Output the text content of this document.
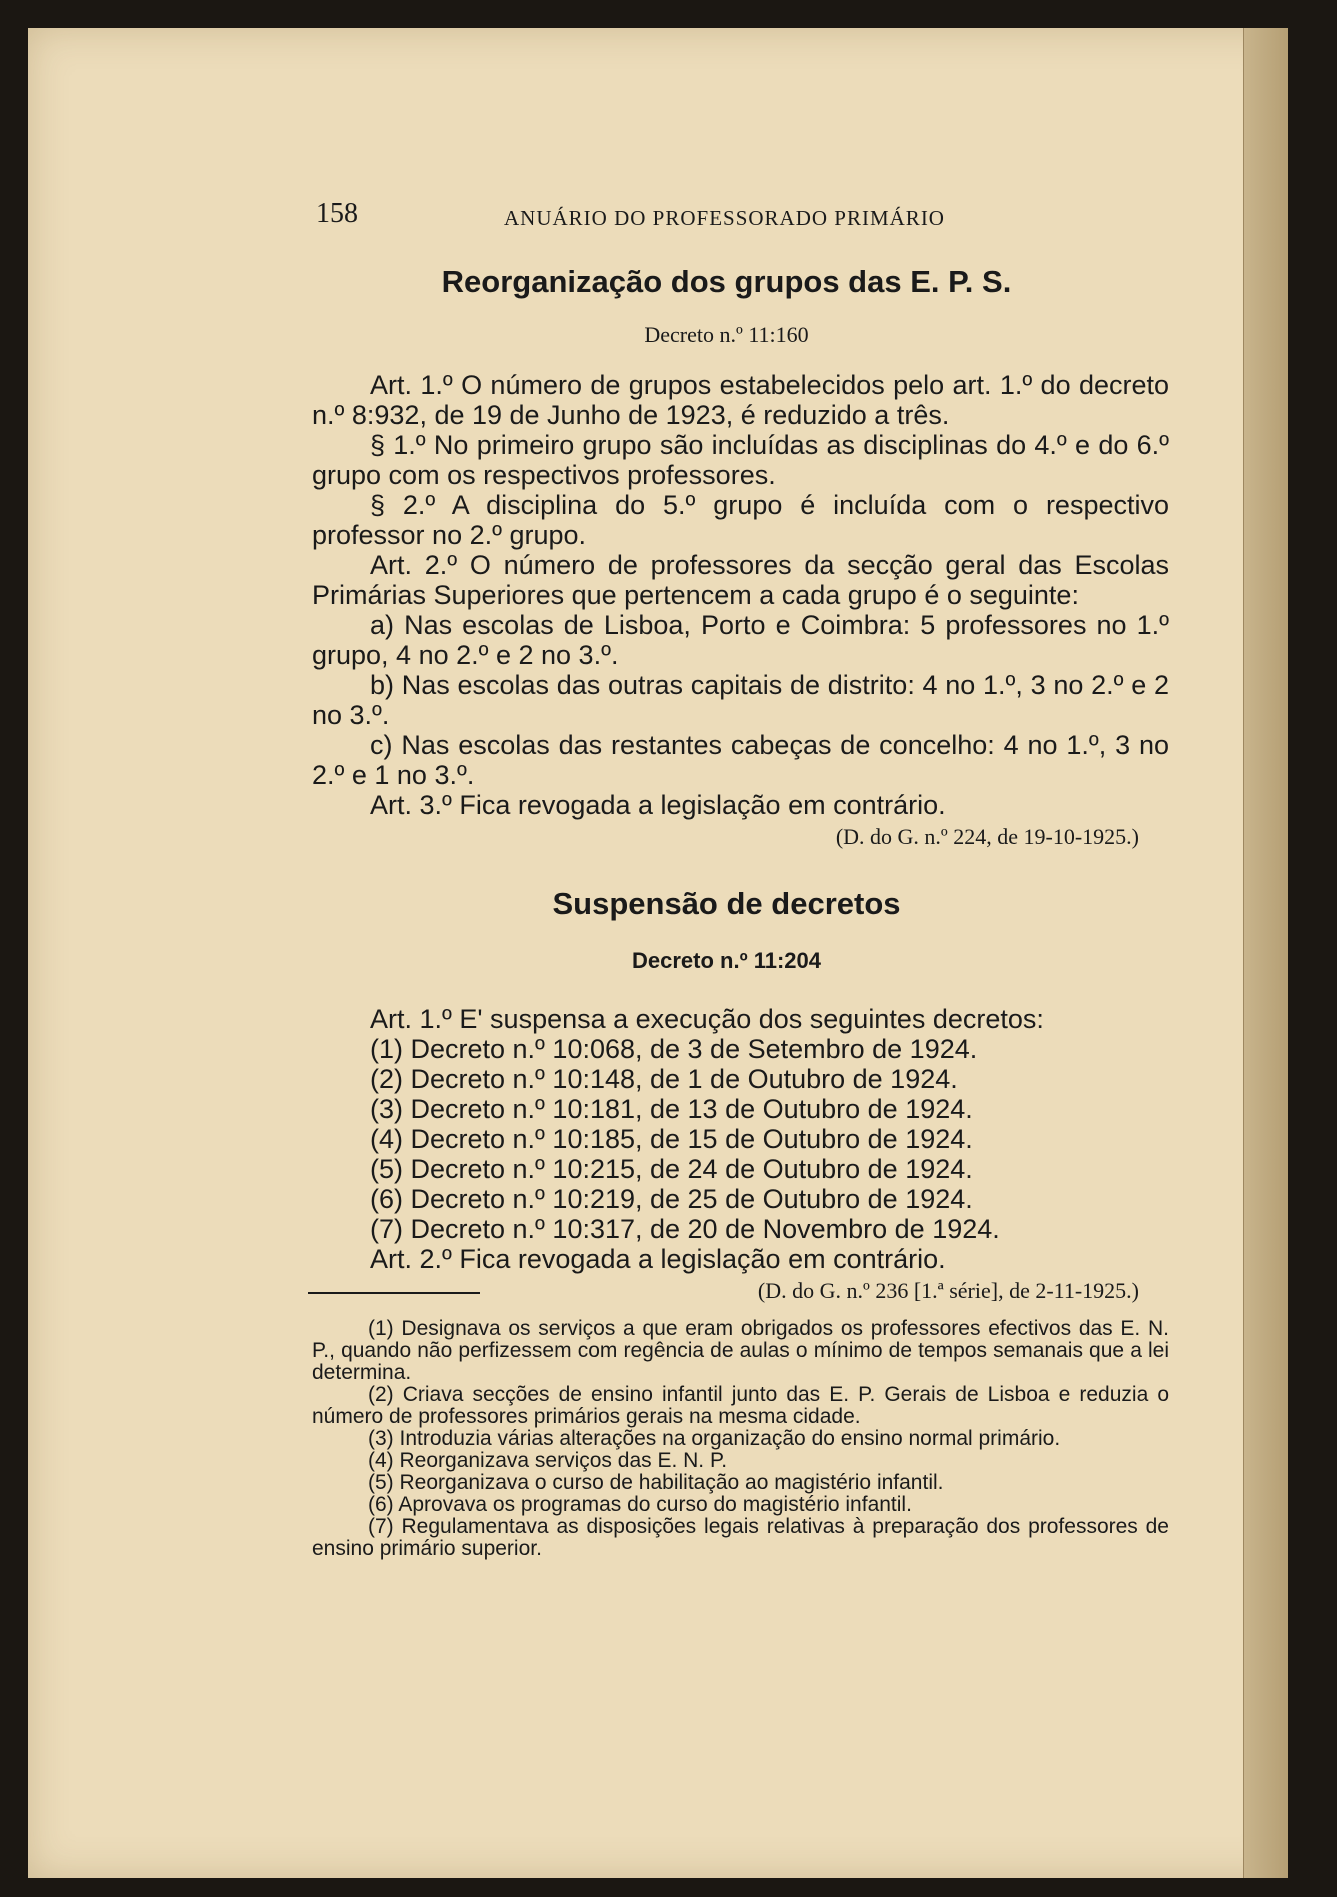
158	ANUÁRIO DO PROFESSORADO PRIMÁRIO
Reorganização dos grupos das E. P. S.

Decreto n.º 11:160

Art. 1.º O número de grupos estabelecidos pelo art. 1.º do decreto n.º 8:932, de 19 de Junho de 1923, é reduzido a três.

§ 1.º No primeiro grupo são incluídas as disciplinas do 4.º e do 6.º grupo com os respectivos professores.

§ 2.º A disciplina do 5.º grupo é incluída com o respectivo professor no 2.º grupo.

Art. 2.º O número de professores da secção geral das Escolas Primárias Superiores que pertencem a cada grupo é o seguinte:

a) Nas escolas de Lisboa, Porto e Coimbra: 5 professores no 1.º grupo, 4 no 2.º e 2 no 3.º.

b) Nas escolas das outras capitais de distrito: 4 no 1.º, 3 no 2.º e 2 no 3.º.

c) Nas escolas das restantes cabeças de concelho: 4 no 1.º, 3 no 2.º e 1 no 3.º.

Art. 3.º Fica revogada a legislação em contrário.

(D. do G. n.º 224, de 19-10-1925.)

Suspensão de decretos

Decreto n.º 11:204

Art. 1.º E' suspensa a execução dos seguintes decretos:

(1) Decreto n.º 10:068, de 3 de Setembro de 1924.

(2) Decreto n.º 10:148, de 1 de Outubro de 1924.

(3) Decreto n.º 10:181, de 13 de Outubro de 1924.

(4) Decreto n.º 10:185, de 15 de Outubro de 1924.

(5) Decreto n.º 10:215, de 24 de Outubro de 1924.

(6) Decreto n.º 10:219, de 25 de Outubro de 1924.

(7) Decreto n.º 10:317, de 20 de Novembro de 1924.

Art. 2.º Fica revogada a legislação em contrário.

(D. do G. n.º 236 [1.ª série], de 2-11-1925.)

(1) Designava os serviços a que eram obrigados os professores efectivos das E. N. P., quando não perfizessem com regência de aulas o mínimo de tempos semanais que a lei determina.

(2) Criava secções de ensino infantil junto das E. P. Gerais de Lisboa e reduzia o número de professores primários gerais na mesma cidade.

(3) Introduzia várias alterações na organização do ensino normal primário.

(4) Reorganizava serviços das E. N. P.

(5) Reorganizava o curso de habilitação ao magistério infantil.

(6) Aprovava os programas do curso do magistério infantil.

(7) Regulamentava as disposições legais relativas à preparação dos professores de ensino primário superior.
